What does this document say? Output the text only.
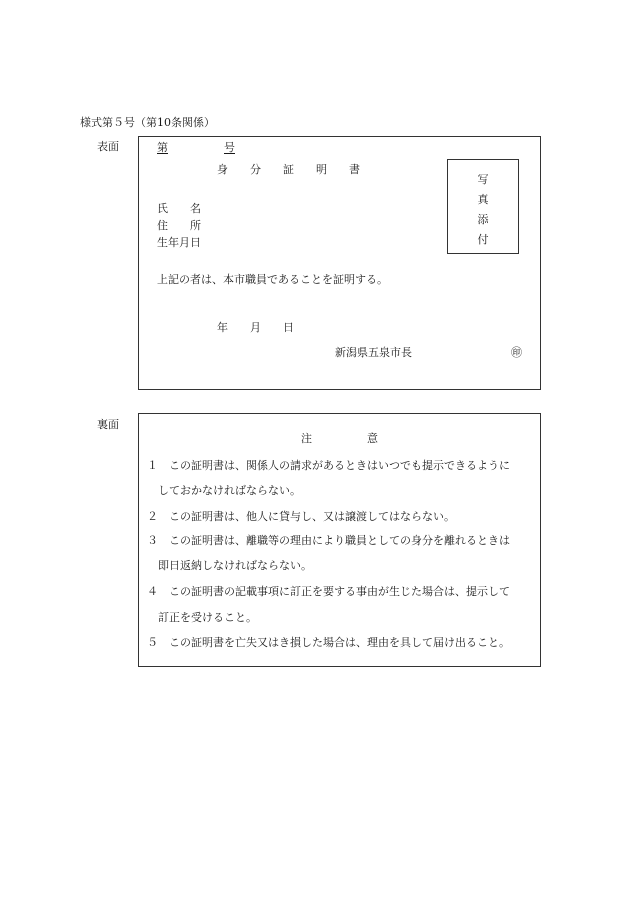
様式第５号（第10条関係）
表面	第	号
身　　分　　証　　明　　書
写
真
添
付
氏　　名
住　　所
生年月日
上記の者は、本市職員であることを証明する。
年　　月　　日
新潟県五泉市長	㊞
裏面
注　　　　　意
１　この証明書は、関係人の請求があるときはいつでも提示できるように
　しておかなければならない。
２　この証明書は、他人に貸与し、又は譲渡してはならない。
３　この証明書は、離職等の理由により職員としての身分を離れるときは
　即日返納しなければならない。
４　この証明書の記載事項に訂正を要する事由が生じた場合は、提示して
　訂正を受けること。
５　この証明書を亡失又はき損した場合は、理由を具して届け出ること。
